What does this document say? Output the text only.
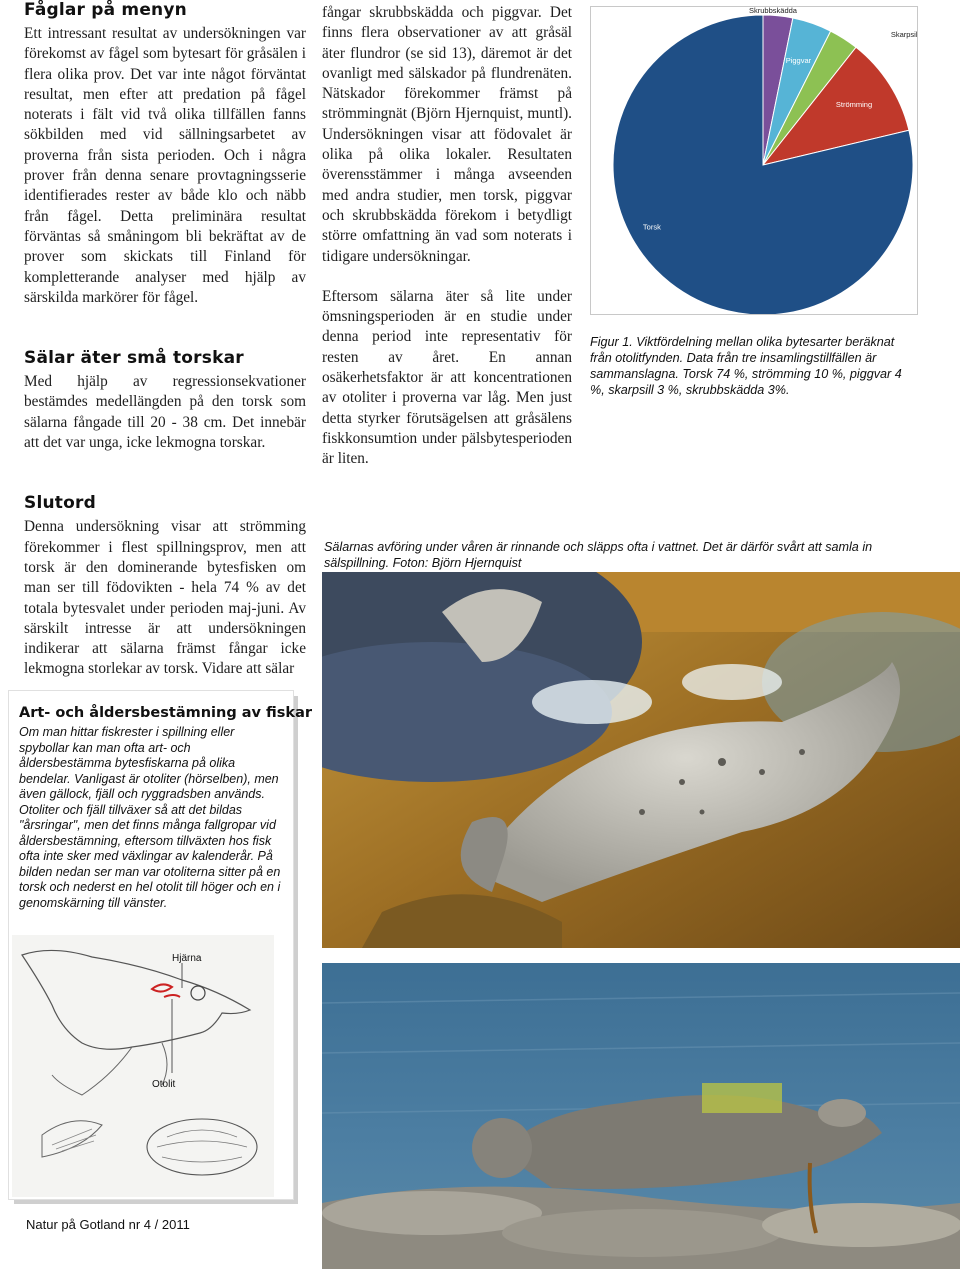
Fåglar på menyn

Ett intressant resultat av undersökningen var förekomst av fågel som bytesart för gråsälen i flera olika prov. Det var inte något förväntat resultat, men efter att predation på fågel noterats i fält vid två olika tillfällen fanns sökbilden med vid sällningsarbetet av proverna från sista perioden. Och i några prover från denna senare provtagningsserie identifierades rester av både klo och näbb från fågel. Detta preliminära resultat förväntas så småningom bli bekräftat av de prover som skickats till Finland för kompletterande analyser med hjälp av särskilda markörer för fågel.

Sälar äter små torskar

Med hjälp av regressionsekvationer bestämdes medellängden på den torsk som sälarna fångade till 20 - 38 cm. Det innebär att det var unga, icke lekmogna torskar.

Slutord

Denna undersökning visar att strömming förekommer i flest spillningsprov, men att torsk är den dominerande bytesfisken om man ser till födovikten - hela 74 % av det totala bytesvalet under perioden maj-juni. Av särskilt intresse är att undersökningen indikerar att sälarna främst fångar icke lekmogna storlekar av torsk. Vidare att sälar

fångar skrubbskädda och piggvar. Det finns flera observationer av att gråsäl äter flundror (se sid 13), däremot är det ovanligt med sälskador på flundrenäten. Nätskador förekommer främst på strömmingnät (Björn Hjernquist, muntl). Undersökningen visar att födovalet är olika på olika lokaler. Resultaten överensstämmer i många avseenden med andra studier, men torsk, piggvar och skrubbskädda förekom i betydligt större omfattning än vad som noterats i tidigare undersökningar.

Eftersom sälarna äter så lite under ömsningsperioden är en studie under denna period inte representativ för resten av året. En annan osäkerhetsfaktor är att koncentrationen av otoliter i proverna var låg. Men just detta styrker förutsägelsen att gråsälens fiskkonsumtion under pälsbytesperioden är liten.

Skrubbskädda
Piggvar
Skarpsill
Strömming
Torsk
Figur 1. Viktfördelning mellan olika bytesarter beräknat från otolitfynden. Data från tre insamlingstillfällen är sammanslagna. Torsk 74 %, strömming 10 %, piggvar 4 %, skarpsill 3 %, skrubbskädda 3%.
Sälarnas avföring under våren är rinnande och släpps ofta i vattnet. Det är därför svårt att samla in sälspillning. Foton: Björn Hjernquist
Art- och åldersbestämning av fiskar
Om man hittar fiskrester i spillning eller spybollar kan man ofta art- och åldersbestämma bytesfiskarna på olika bendelar. Vanligast är otoliter (hörselben), men även gällock, fjäll och ryggradsben används. Otoliter och fjäll tillväxer så att det bildas "årsringar", men det finns många fallgropar vid åldersbestämning, eftersom tillväxten hos fisk ofta inte sker med växlingar av kalenderår. På bilden nedan ser man var otoliterna sitter på en torsk och nederst en hel otolit till höger och en i genomskärning till vänster.
Hjärna
Otolit
Natur på Gotland nr 4 / 2011
